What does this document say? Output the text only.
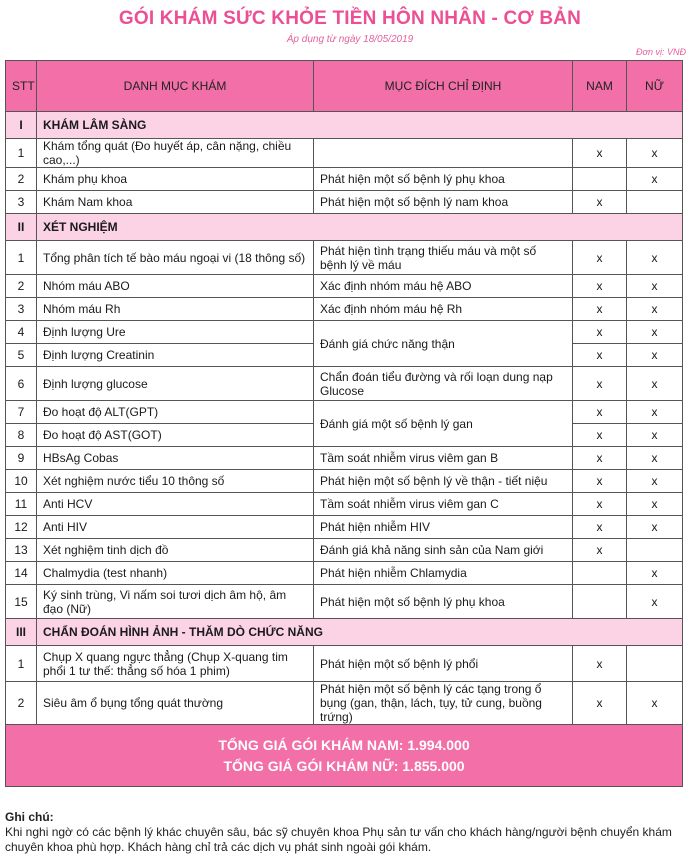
GÓI KHÁM SỨC KHỎE TIỀN HÔN NHÂN - CƠ BẢN
Áp dụng từ ngày 18/05/2019
Đơn vị: VNĐ
STT	DANH MỤC KHÁM	MỤC ĐÍCH CHỈ ĐỊNH	NAM	NỮ
I	KHÁM LÂM SÀNG			
1	Khám tổng quát (Đo huyết áp, cân nặng, chiều cao,...)		x	x
2	Khám phụ khoa	Phát hiện một số bệnh lý phụ khoa		x
3	Khám Nam khoa	Phát hiện một số bệnh lý nam khoa	x	
II	XÉT NGHIỆM			
1	Tổng phân tích tế bào máu ngoại vi (18 thông số)	Phát hiện tình trạng thiếu máu và một số bệnh lý về máu	x	x
2	Nhóm máu ABO	Xác định nhóm máu hệ ABO	x	x
3	Nhóm máu Rh	Xác định nhóm máu hệ Rh	x	x
4	Định lượng Ure	Đánh giá chức năng thận	x	x
5	Định lượng Creatinin		x	x
6	Định lượng glucose	Chẩn đoán tiểu đường và rối loạn dung nạp Glucose	x	x
7	Đo hoạt độ ALT(GPT)	Đánh giá một số bệnh lý gan	x	x
8	Đo hoạt độ AST(GOT)		x	x
9	HBsAg Cobas	Tầm soát nhiễm virus viêm gan B	x	x
10	Xét nghiệm nước tiểu 10 thông số	Phát hiện một số bệnh lý về thận - tiết niệu	x	x
11	Anti HCV	Tầm soát nhiễm virus viêm gan C	x	x
12	Anti HIV	Phát hiện nhiễm HIV	x	x
13	Xét nghiệm tinh dịch đồ	Đánh giá khả năng sinh sản của Nam giới	x	
14	Chalmydia (test nhanh)	Phát hiện nhiễm Chlamydia		x
15	Ký sinh trùng, Vi nấm soi tươi dịch âm hộ, âm đạo (Nữ)	Phát hiện một số bệnh lý phụ khoa		x
III	CHẨN ĐOÁN HÌNH ẢNH - THĂM DÒ CHỨC NĂNG			
1	Chụp X quang ngực thẳng (Chụp X-quang tim phổi 1 tư thế: thẳng số hóa 1 phim)	Phát hiện một số bệnh lý phổi	x	
2	Siêu âm ổ bụng tổng quát thường	Phát hiện một số bệnh lý các tạng trong ổ bụng (gan, thận, lách, tụy, tử cung, buồng trứng)	x	x

TỔNG GIÁ GÓI KHÁM NAM: 1.994.000
TỔNG GIÁ GÓI KHÁM NỮ: 1.855.000				
Ghi chú:
Khi nghi ngờ có các bệnh lý khác chuyên sâu, bác sỹ chuyên khoa Phụ sản tư vấn cho khách hàng/người bệnh chuyển khám chuyên khoa phù hợp. Khách hàng chỉ trả các dịch vụ phát sinh ngoài gói khám.
